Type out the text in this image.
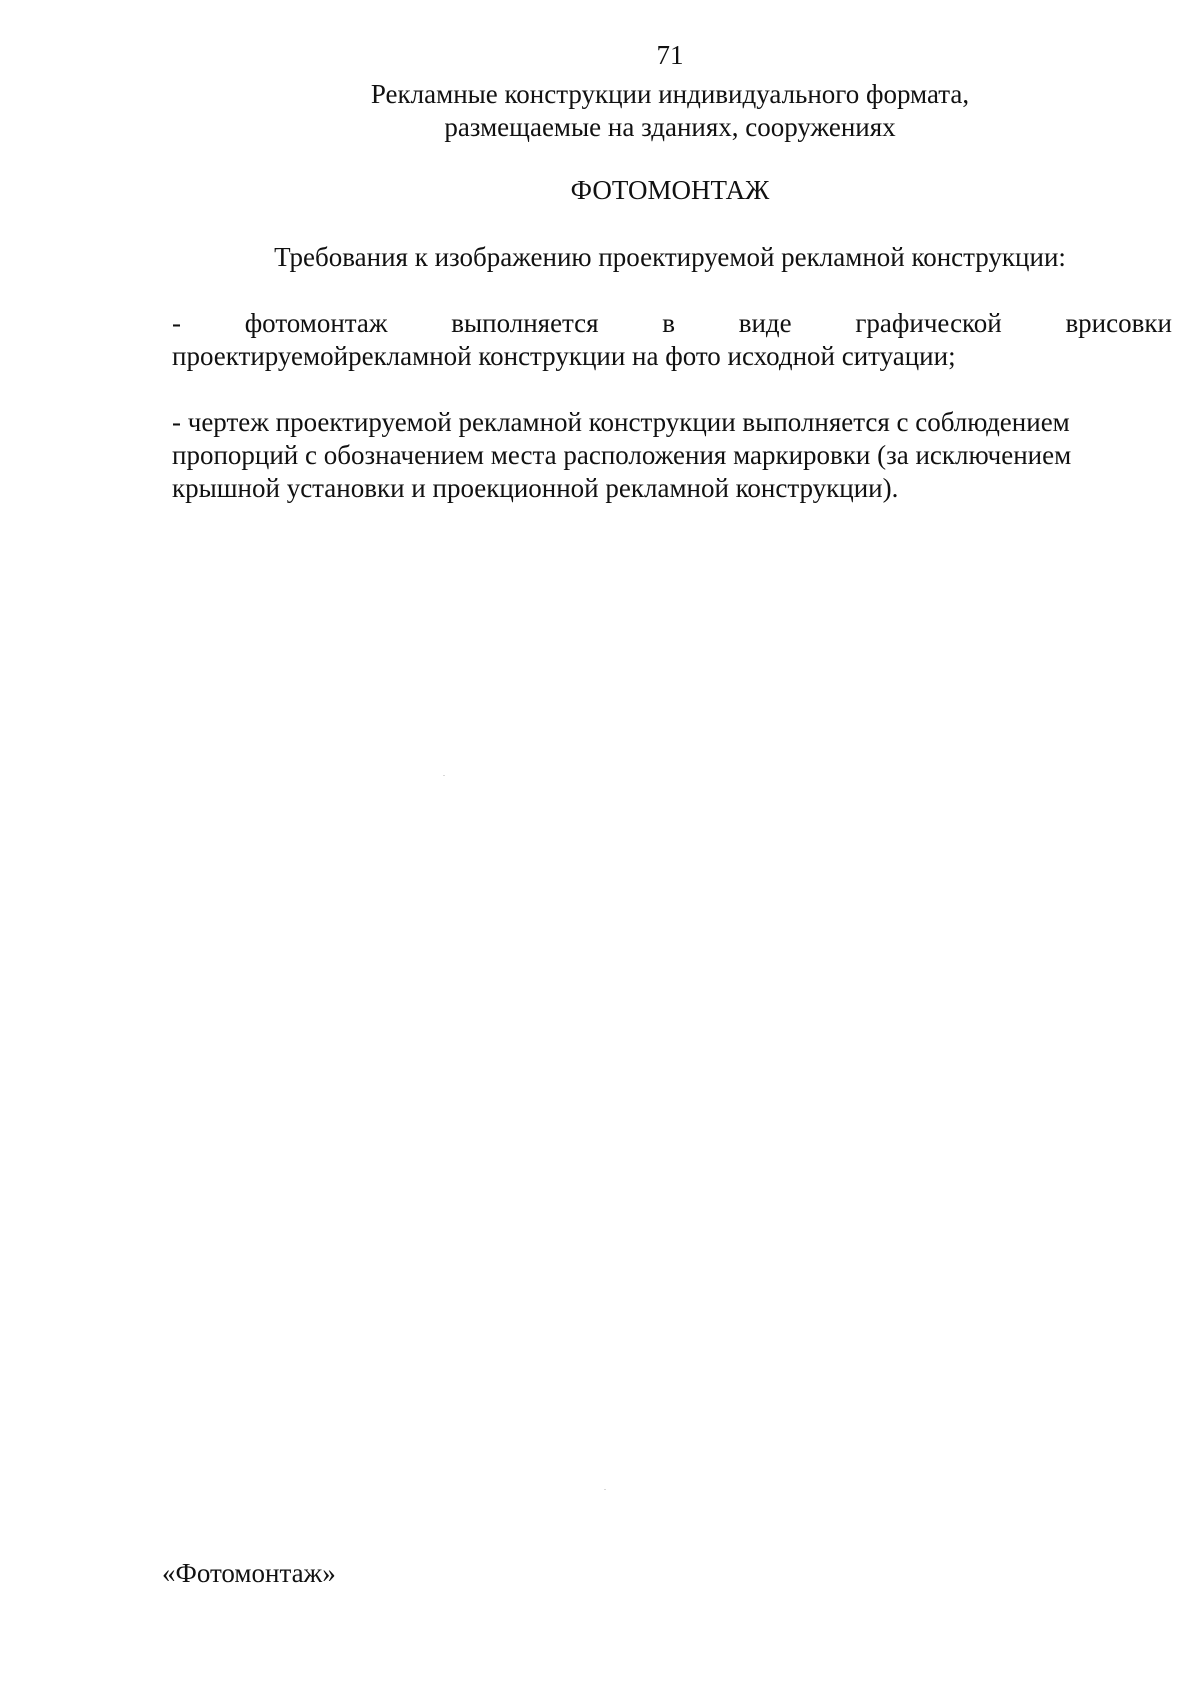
71
Рекламные конструкции индивидуального формата,
размещаемые на зданиях, сооружениях
ФОТОМОНТАЖ
Требования к изображению проектируемой рекламной конструкции:
- фотомонтаж выполняется в виде графической врисовки
проектируемойрекламной конструкции на фото исходной ситуации;
- чертеж проектируемой рекламной конструкции выполняется с соблюдением
пропорций с обозначением места расположения маркировки (за исключением
крышной установки и проекционной рекламной конструкции).
«Фотомонтаж»
